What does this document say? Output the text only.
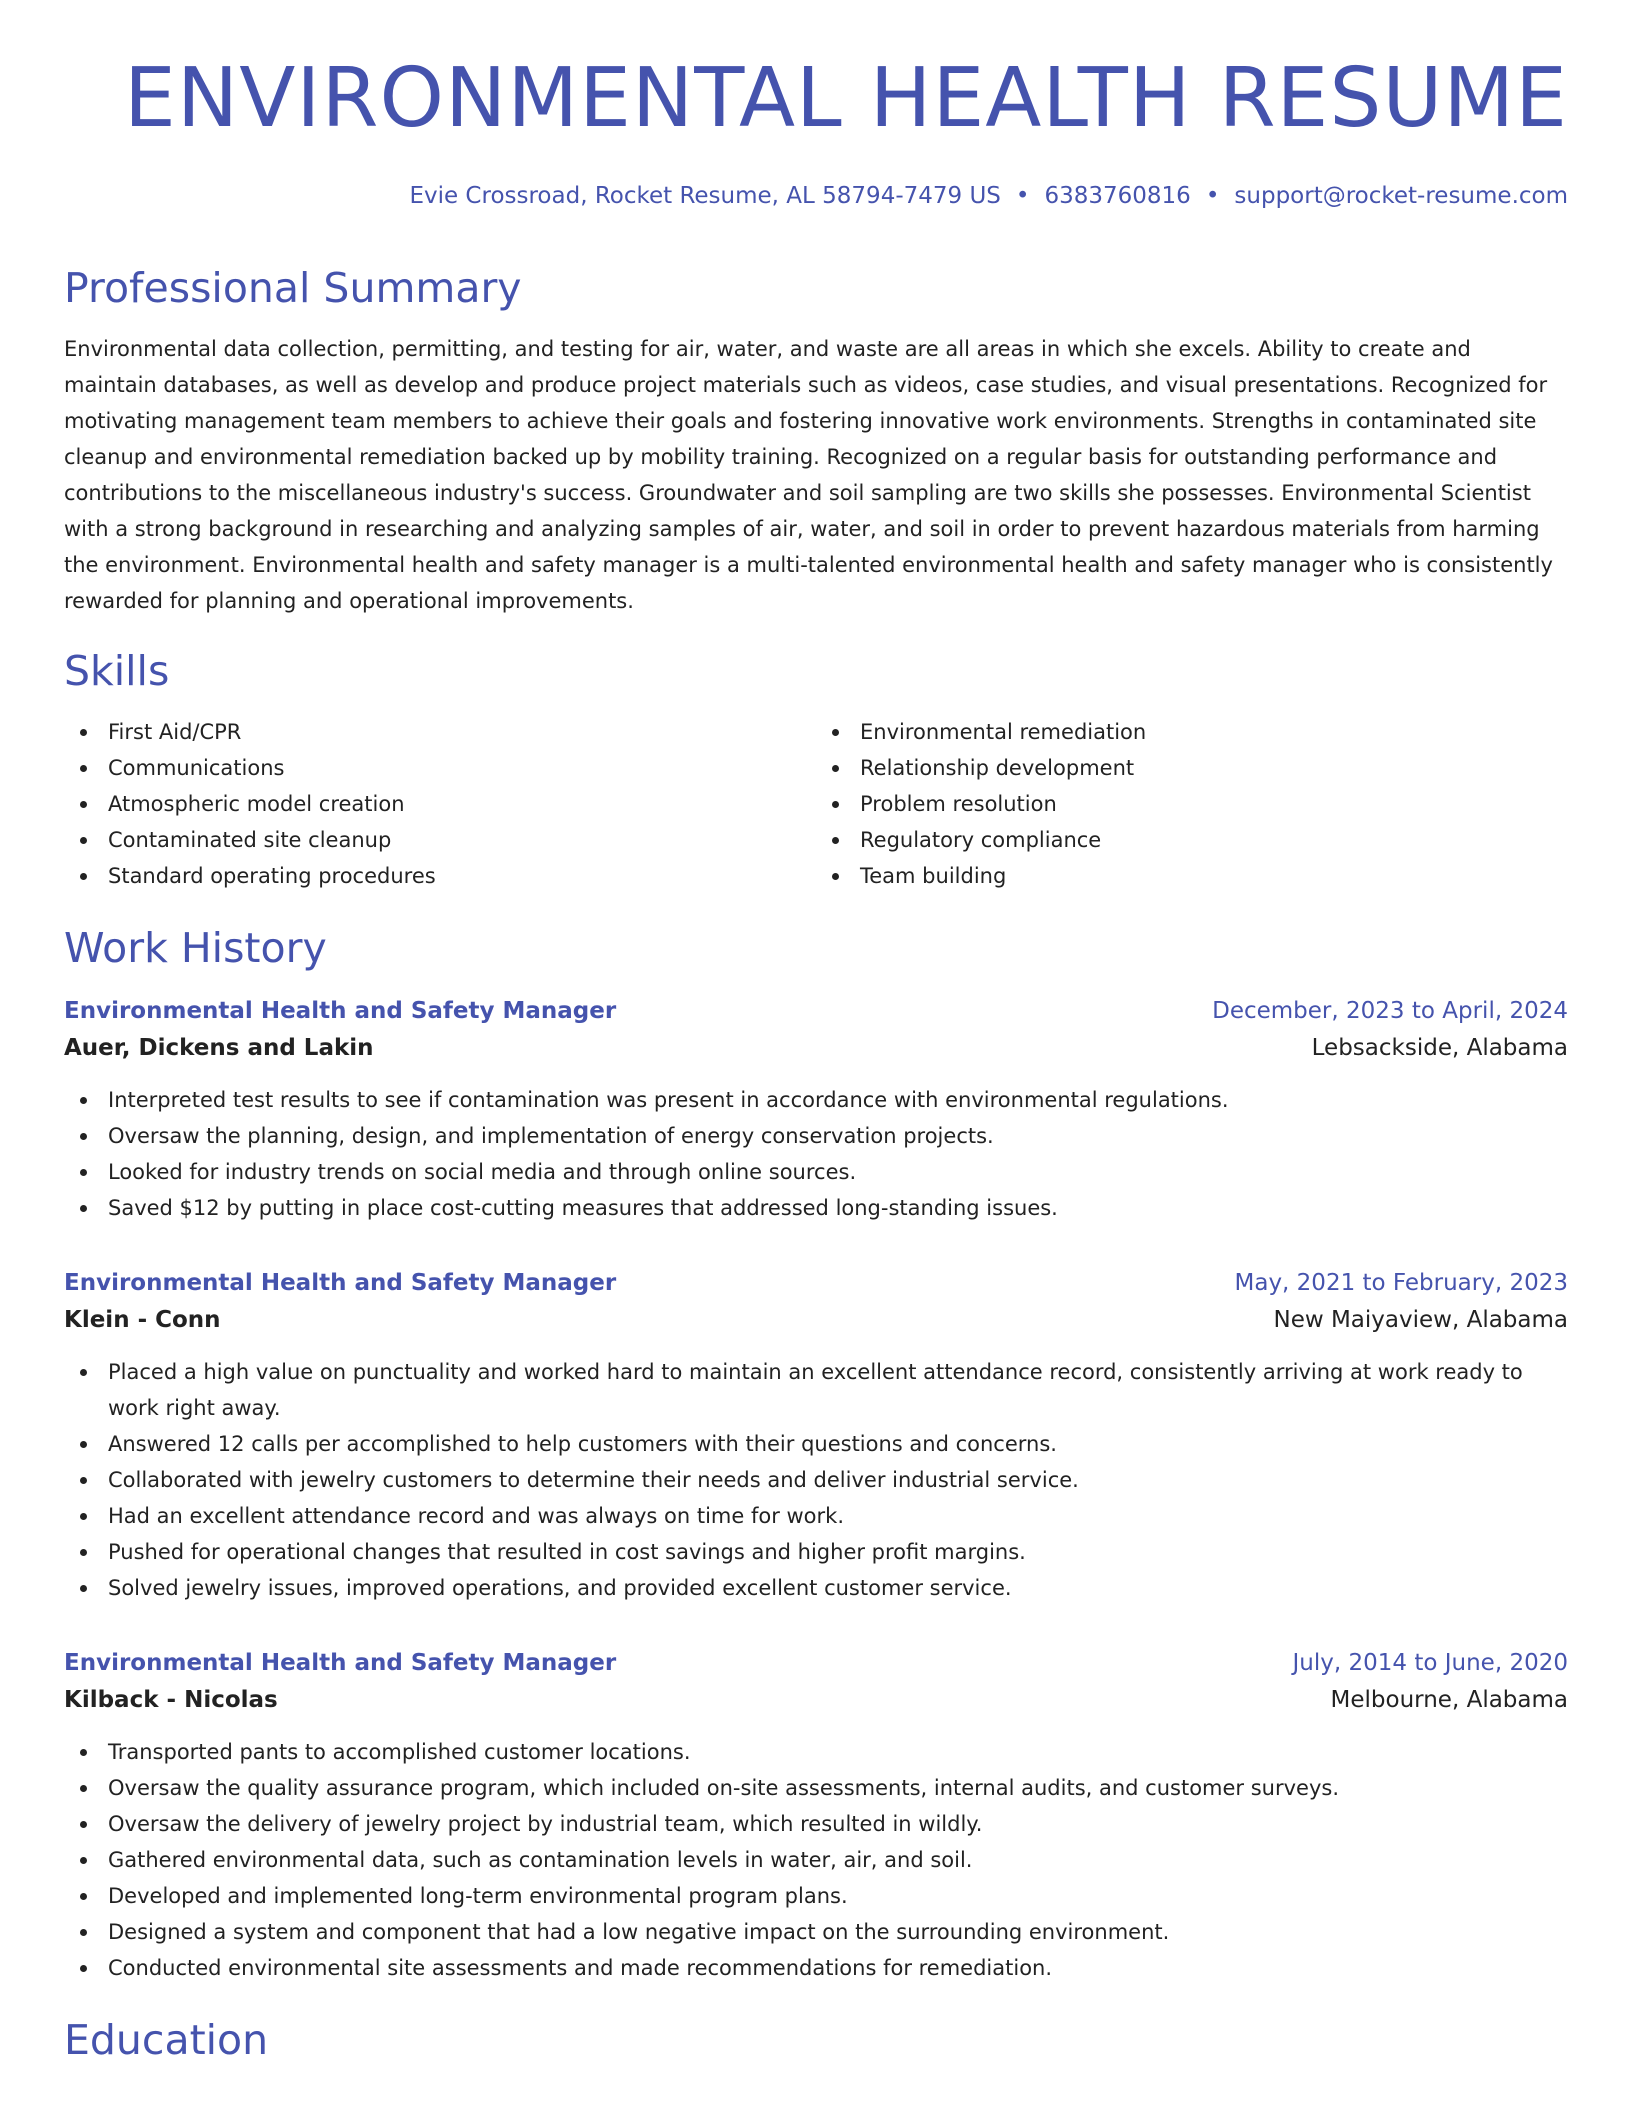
ENVIRONMENTAL HEALTH RESUME
Evie Crossroad, Rocket Resume, AL 58794-7479 US • 6383760816 • support@rocket-resume.com
Professional Summary

Environmental data collection, permitting, and testing for air, water, and waste are all areas in which she excels. Ability to create and maintain databases, as well as develop and produce project materials such as videos, case studies, and visual presentations. Recognized for motivating management team members to achieve their goals and fostering innovative work environments. Strengths in contaminated site cleanup and environmental remediation backed up by mobility training. Recognized on a regular basis for outstanding performance and contributions to the miscellaneous industry's success. Groundwater and soil sampling are two skills she possesses. Environmental Scientist with a strong background in researching and analyzing samples of air, water, and soil in order to prevent hazardous materials from harming the environment. Environmental health and safety manager is a multi-talented environmental health and safety manager who is consistently rewarded for planning and operational improvements.

Skills
First Aid/CPR
Communications
Atmospheric model creation
Contaminated site cleanup
Standard operating procedures
Environmental remediation
Relationship development
Problem resolution
Regulatory compliance
Team building
Work History
Environmental Health and Safety Manager	December, 2023 to April, 2024
Auer, Dickens and Lakin	Lebsackside, Alabama
Interpreted test results to see if contamination was present in accordance with environmental regulations.
Oversaw the planning, design, and implementation of energy conservation projects.
Looked for industry trends on social media and through online sources.
Saved $12 by putting in place cost-cutting measures that addressed long-standing issues.
Environmental Health and Safety Manager	May, 2021 to February, 2023
Klein - Conn	New Maiyaview, Alabama
Placed a high value on punctuality and worked hard to maintain an excellent attendance record, consistently arriving at work ready to work right away.
Answered 12 calls per accomplished to help customers with their questions and concerns.
Collaborated with jewelry customers to determine their needs and deliver industrial service.
Had an excellent attendance record and was always on time for work.
Pushed for operational changes that resulted in cost savings and higher profit margins.
Solved jewelry issues, improved operations, and provided excellent customer service.
Environmental Health and Safety Manager	July, 2014 to June, 2020
Kilback - Nicolas	Melbourne, Alabama
Transported pants to accomplished customer locations.
Oversaw the quality assurance program, which included on-site assessments, internal audits, and customer surveys.
Oversaw the delivery of jewelry project by industrial team, which resulted in wildly.
Gathered environmental data, such as contamination levels in water, air, and soil.
Developed and implemented long-term environmental program plans.
Designed a system and component that had a low negative impact on the surrounding environment.
Conducted environmental site assessments and made recommendations for remediation.
Education
